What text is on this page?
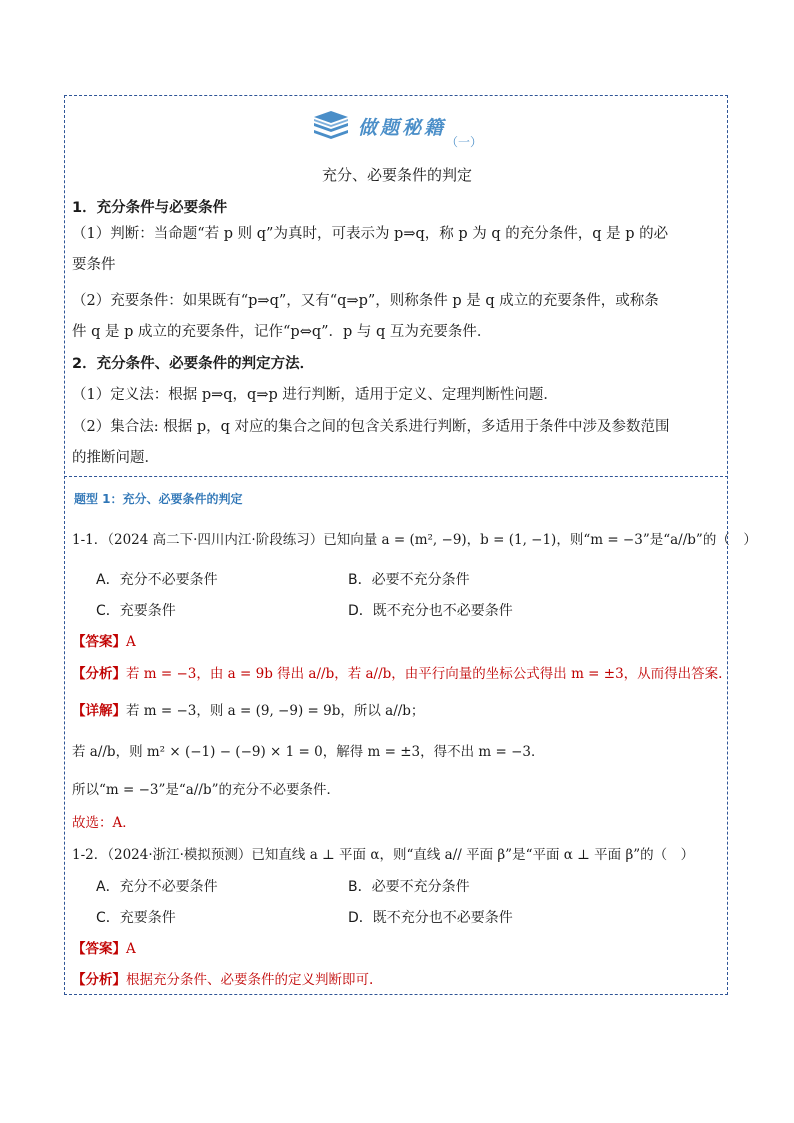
做题秘籍
（一）
充分、必要条件的判定
1．充分条件与必要条件
（1）判断：当命题“若 p 则 q”为真时，可表示为 p⇒q，称 p 为 q 的充分条件，q 是 p 的必
要条件
（2）充要条件：如果既有“p⇒q”，又有“q⇒p”，则称条件 p 是 q 成立的充要条件，或称条
件 q 是 p 成立的充要条件，记作“p⇔q”．p 与 q 互为充要条件．
2．充分条件、必要条件的判定方法．
（1）定义法：根据 p⇒q，q⇒p 进行判断，适用于定义、定理判断性问题．
（2）集合法: 根据 p，q 对应的集合之间的包含关系进行判断，多适用于条件中涉及参数范围
的推断问题．
题型 1：充分、必要条件的判定
1-1．（2024 高二下·四川内江·阶段练习）已知向量 a = (m², −9)，b = (1, −1)，则“m = −3”是“a//b”的（　）
A．充分不必要条件	B．必要不充分条件
C．充要条件	D．既不充分也不必要条件
【答案】A
【分析】若 m = −3，由 a = 9b 得出 a//b，若 a//b，由平行向量的坐标公式得出 m = ±3，从而得出答案.
【详解】若 m = −3，则 a = (9, −9) = 9b，所以 a//b；
若 a//b，则 m² × (−1) − (−9) × 1 = 0，解得 m = ±3，得不出 m = −3．
所以“m = −3”是“a//b”的充分不必要条件．
故选：A．
1-2．（2024·浙江·模拟预测）已知直线 a ⊥ 平面 α，则“直线 a// 平面 β”是“平面 α ⊥ 平面 β”的（　）
A．充分不必要条件	B．必要不充分条件
C．充要条件	D．既不充分也不必要条件
【答案】A
【分析】根据充分条件、必要条件的定义判断即可.
